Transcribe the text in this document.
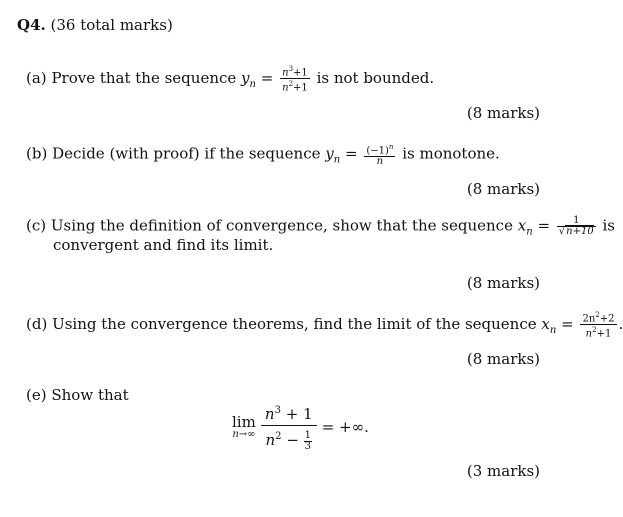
Q4. (36 total marks)
(a) Prove that the sequence $y_n = \frac{n^3+1}{n^2+1}$ is not bounded.
(8 marks)
(b) Decide (with proof) if the sequence $y_n = \frac{(-1)^n}{n}$ is monotone.
(8 marks)
(c) Using the definition of convergence, show that the sequence $x_n = \frac{1}{√n+10}$ is
convergent and find its limit.
(8 marks)
(d) Using the convergence theorems, find the limit of the sequence $x_n = \frac{2n^2+2}{n^2+1}$ .
(8 marks)
(e) Show that
lim
n→∞
$\frac{n^3 + 1}{n^2 - \frac{1}{3}}$ = +∞.
(3 marks)
